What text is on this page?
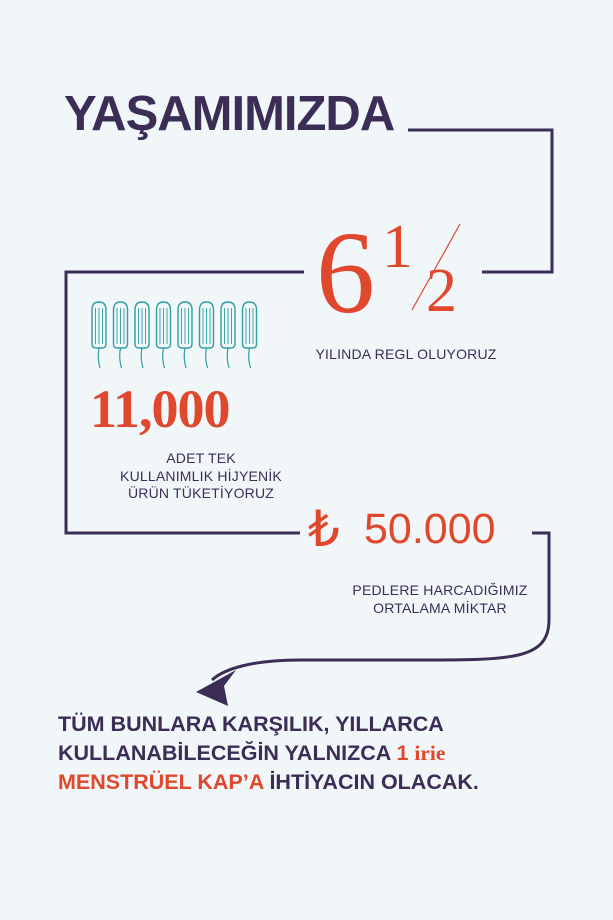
YAŞAMIMIZDA
6 1
2
YILINDA REGL OLUYORUZ
11,000
ADET TEK
KULLANIMLIK HİJYENİK
ÜRÜN TÜKETİYORUZ
₺ 50.000
PEDLERE HARCADIĞIMIZ
ORTALAMA MİKTAR

TÜM BUNLARA KARŞILIK, YILLARCA KULLANABİLECEĞİN YALNIZCA 1 irie
MENSTRÜEL KAP’A İHTİYACIN OLACAK.
